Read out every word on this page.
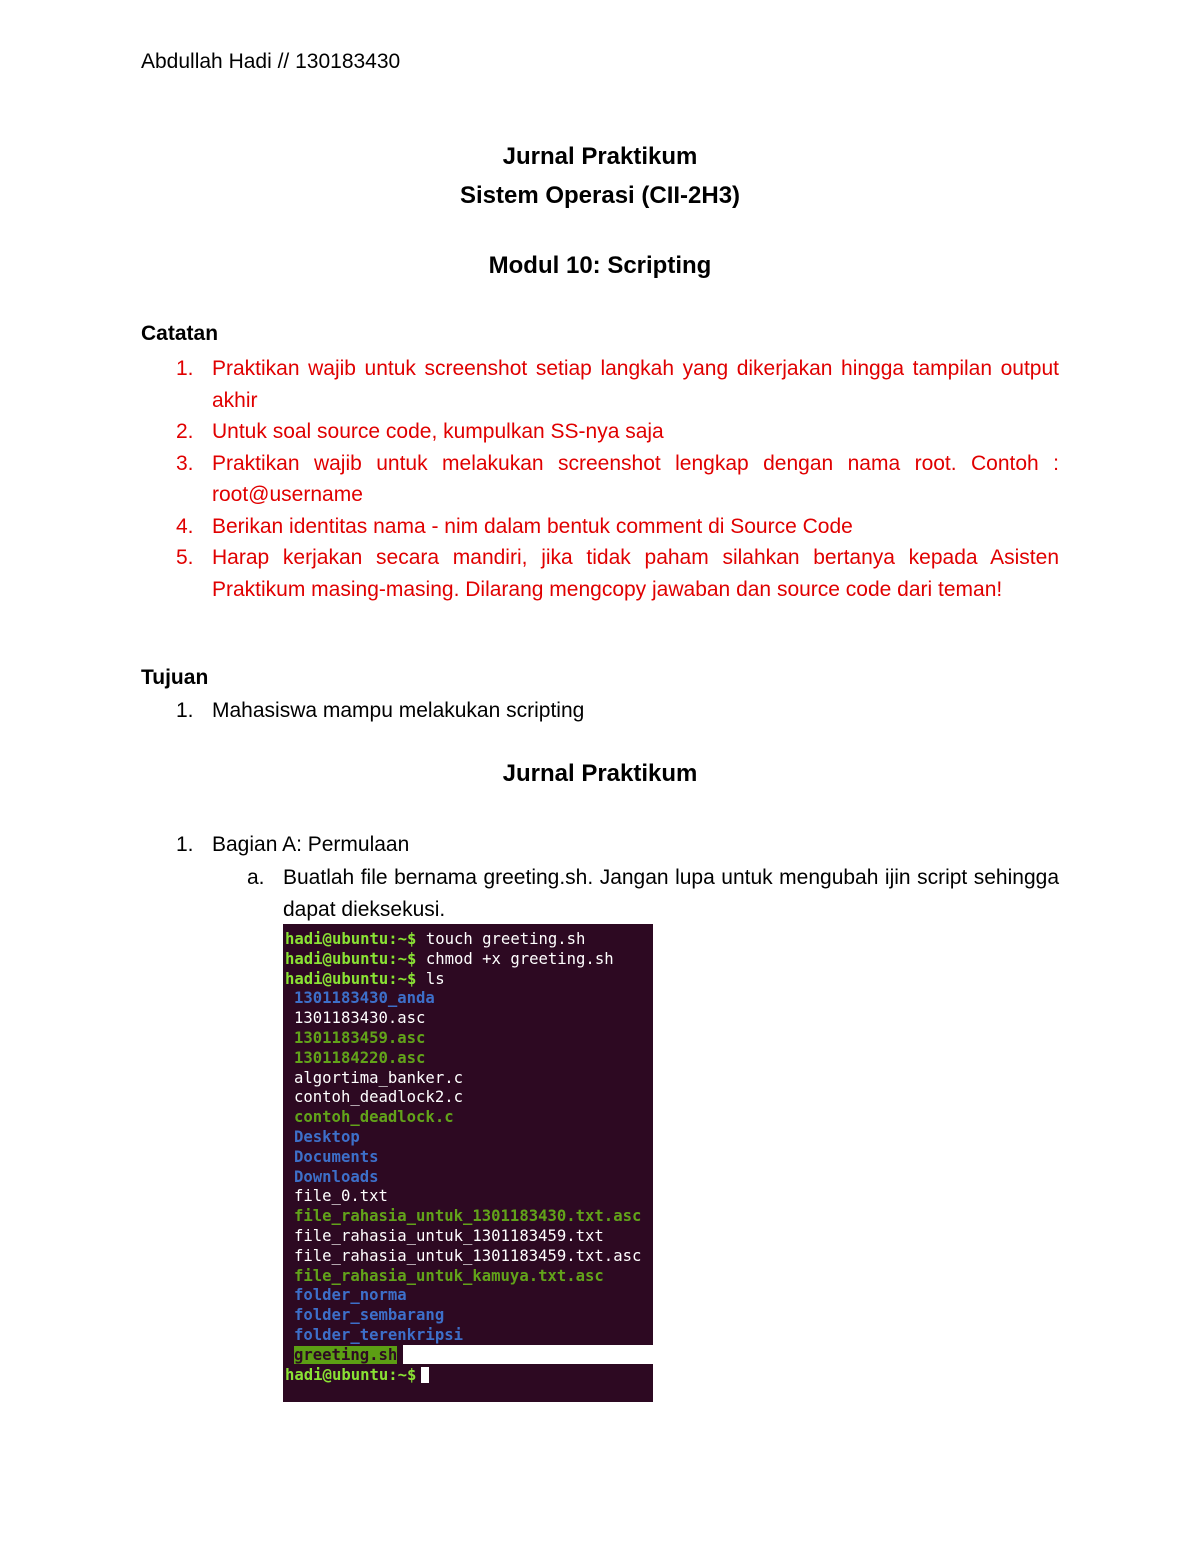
Abdullah Hadi // 130183430
Jurnal Praktikum
Sistem Operasi (CII-2H3)
Modul 10: Scripting
Catatan
1. Praktikan wajib untuk screenshot setiap langkah yang dikerjakan hingga tampilan output akhir
2. Untuk soal source code, kumpulkan SS-nya saja
3. Praktikan wajib untuk melakukan screenshot lengkap dengan nama root. Contoh : root@username
4. Berikan identitas nama - nim dalam bentuk comment di Source Code
5. Harap kerjakan secara mandiri, jika tidak paham silahkan bertanya kepada Asisten Praktikum masing-masing. Dilarang mengcopy jawaban dan source code dari teman!
Tujuan
1. Mahasiswa mampu melakukan scripting
Jurnal Praktikum
1. Bagian A: Permulaan
a. Buatlah file bernama greeting.sh. Jangan lupa untuk mengubah ijin script sehingga dapat dieksekusi.
hadi@ubuntu:~$ touch greeting.sh
hadi@ubuntu:~$ chmod +x greeting.sh
hadi@ubuntu:~$ ls
1301183430_anda
1301183430.asc
1301183459.asc
1301184220.asc
algortima_banker.c
contoh_deadlock2.c
contoh_deadlock.c
Desktop
Documents
Downloads
file_0.txt
file_rahasia_untuk_1301183430.txt.asc
file_rahasia_untuk_1301183459.txt
file_rahasia_untuk_1301183459.txt.asc
file_rahasia_untuk_kamuya.txt.asc
folder_norma
folder_sembarang
folder_terenkripsi
greeting.sh
hadi@ubuntu:~$
